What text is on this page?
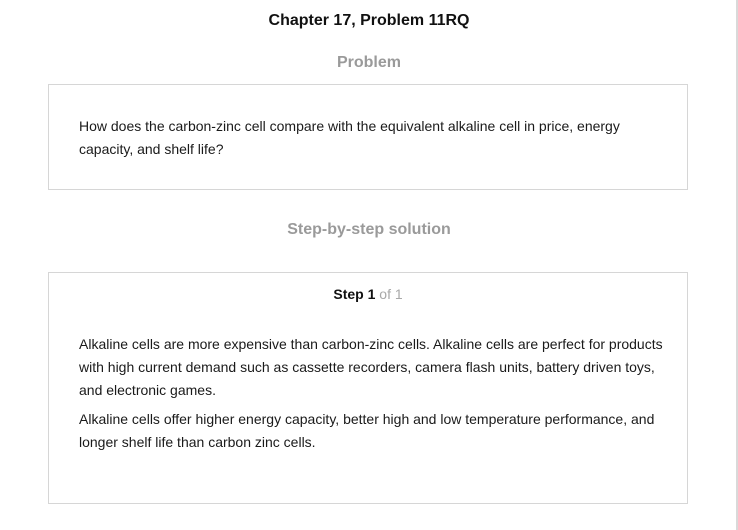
Chapter 17, Problem 11RQ
Problem
How does the carbon-zinc cell compare with the equivalent alkaline cell in price, energy capacity, and shelf life?
Step-by-step solution
Step 1 of 1

Alkaline cells are more expensive than carbon-zinc cells. Alkaline cells are perfect for products with high current demand such as cassette recorders, camera flash units, battery driven toys, and electronic games.

Alkaline cells offer higher energy capacity, better high and low temperature performance, and longer shelf life than carbon zinc cells.
